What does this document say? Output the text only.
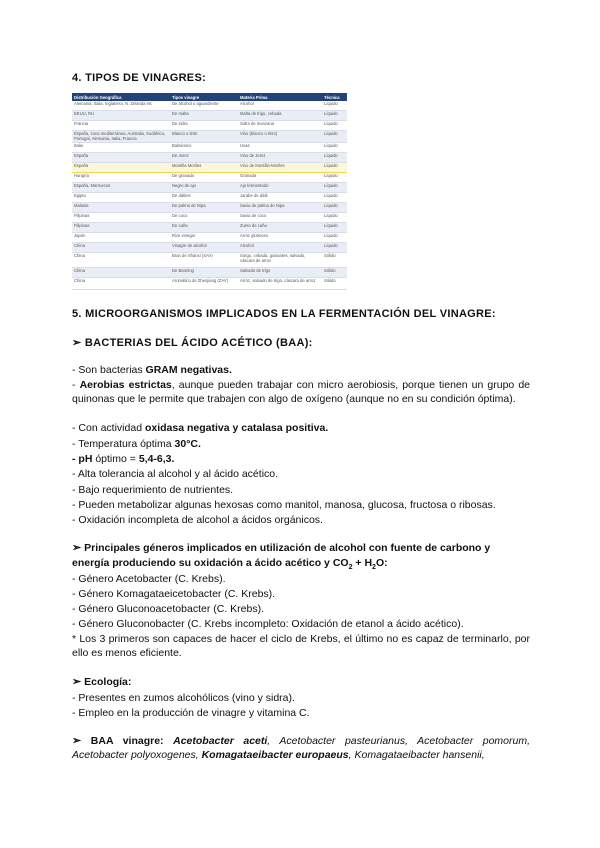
4. TIPOS DE VINAGRES:
Distribución Geográfica	Tipos vinagre	Materia Prima	Técnica
Alemania, Italia, Inglaterra, N. Zelanda etc	De alcohol o aguardiente	Alcohol	Líquido
EEUU, RU	De malta	Malta de trigo, cebada	Líquido
Francia	De sidra	Sidra de manzana	Líquido
España, zona mediterránea, Australia, Sudáfrica, Portugal, Alemania, Italia, Francia	Blanco o tinto	Vino (blanco o tinto)	Líquido
Italia	Balsámico	Uvas	Líquido
España	De Jerez	Vino de Jerez	Líquido
España	Montilla-Moriles	Vino de Montilla-Moriles	Líquido
Hungría	De granada	Granada	Líquido
España, Marruecos	Negro de ajo	Ajo fermentado	Líquido
Egipto	De dátiles	Jarabe de dátil	Líquido
Malasia	De palma de Nipa	Savia de palma de Nipa	Líquido
Filipinas	De coco	Savia de coco	Líquido
Filipinas	De caña	Zumo de caña	Líquido
Japón	Rice vinegar	Arroz glutinoso	Líquido
China	Vinagre de alcohol	Alcohol	Líquido
China	Bran de Shanxi (SAV)	Sorgo, cebada, guisantes, salvado, cáscara de arroz	Sólido
China	De Baoning	Salvado de trigo	Sólido
China	Aromático de Zhenjiang (ZAV)	Arroz, salvado de trigo, cáscara de arroz	Sólido
5. MICROORGANISMOS IMPLICADOS EN LA FERMENTACIÓN DEL VINAGRE:
➢ BACTERIAS DEL ÁCIDO ACÉTICO (BAA):
- Son bacterias GRAM negativas.
- Aerobias estrictas, aunque pueden trabajar con micro aerobiosis, porque tienen un grupo de quinonas que le permite que trabajen con algo de oxígeno (aunque no en su condición óptima).
- Con actividad oxidasa negativa y catalasa positiva.
- Temperatura óptima 30°C.
- pH óptimo = 5,4-6,3.
- Alta tolerancia al alcohol y al ácido acético.
- Bajo requerimiento de nutrientes.
- Pueden metabolizar algunas hexosas como manitol, manosa, glucosa, fructosa o ribosas.
- Oxidación incompleta de alcohol a ácidos orgánicos.
➢ Principales géneros implicados en utilización de alcohol con fuente de carbono y
energía produciendo su oxidación a ácido acético y $CO_2 + H_2O$:
- Género Acetobacter (C. Krebs).
- Género Komagataeicetobacter (C. Krebs).
- Género Gluconoacetobacter (C. Krebs).
- Género Gluconobacter (C. Krebs incompleto: Oxidación de etanol a ácido acético).
* Los 3 primeros son capaces de hacer el ciclo de Krebs, el último no es capaz de terminarlo, por ello es menos eficiente.
➢ Ecología:
- Presentes en zumos alcohólicos (vino y sidra).
- Empleo en la producción de vinagre y vitamina C.
➢ BAA vinagre: Acetobacter aceti, Acetobacter pasteurianus, Acetobacter pomorum, Acetobacter polyoxogenes, Komagataeibacter europaeus, Komagataeibacter hansenii,
